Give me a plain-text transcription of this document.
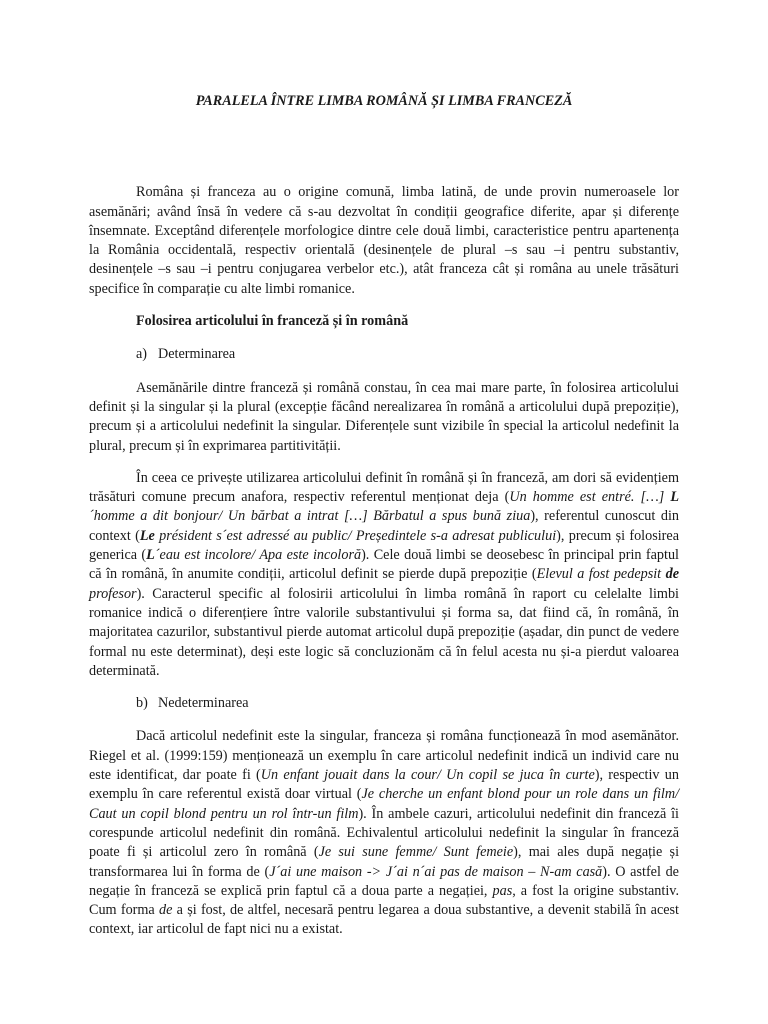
PARALELA ÎNTRE LIMBA ROMÂNĂ ȘI LIMBA FRANCEZĂ

Româna și franceza au o origine comună, limba latină, de unde provin numeroasele lor asemănări; având însă în vedere că s-au dezvoltat în condiții geografice diferite, apar și diferențe însemnate. Exceptând diferențele morfologice dintre cele două limbi, caracteristice pentru apartenența la România occidentală, respectiv orientală (desinențele de plural –s sau –i pentru substantiv, desinențele –s sau –i pentru conjugarea verbelor etc.), atât franceza cât și româna au unele trăsături specifice în comparație cu alte limbi romanice.

Folosirea articolului în franceză și în română

a) Determinarea

Asemănările dintre franceză și română constau, în cea mai mare parte, în folosirea articolului definit și la singular și la plural (excepție făcând nerealizarea în română a articolului după prepoziție), precum și a articolului nedefinit la singular. Diferențele sunt vizibile în special la articolul nedefinit la plural, precum și în exprimarea partitivității.

În ceea ce privește utilizarea articolului definit în română și în franceză, am dori să evidențiem trăsături comune precum anafora, respectiv referentul menționat deja (Un homme est entré. […] L´homme a dit bonjour/ Un bărbat a intrat […] Bărbatul a spus bună ziua), referentul cunoscut din context (Le président s´est adressé au public/ Președintele s-a adresat publicului), precum și folosirea generica (L´eau est incolore/ Apa este incoloră). Cele două limbi se deosebesc în principal prin faptul că în română, în anumite condiții, articolul definit se pierde după prepoziție (Elevul a fost pedepsit de profesor). Caracterul specific al folosirii articolului în limba română în raport cu celelalte limbi romanice indică o diferențiere între valorile substantivului și forma sa, dat fiind că, în română, în majoritatea cazurilor, substantivul pierde automat articolul după prepoziție (așadar, din punct de vedere formal nu este determinat), deși este logic să concluzionăm că în felul acesta nu și-a pierdut valoarea determinată.

b) Nedeterminarea

Dacă articolul nedefinit este la singular, franceza și româna funcționează în mod asemănător. Riegel et al. (1999:159) menționează un exemplu în care articolul nedefinit indică un individ care nu este identificat, dar poate fi (Un enfant jouait dans la cour/ Un copil se juca în curte), respectiv un exemplu în care referentul există doar virtual (Je cherche un enfant blond pour un role dans un film/ Caut un copil blond pentru un rol într-un film). În ambele cazuri, articolului nedefinit din franceză îi corespunde articolul nedefinit din română. Echivalentul articolului nedefinit la singular în franceză poate fi și articolul zero în română (Je sui sune femme/ Sunt femeie), mai ales după negație și transformarea lui în forma de (J´ai une maison -> J´ai n´ai pas de maison – N-am casă). O astfel de negație în franceză se explică prin faptul că a doua parte a negației, pas, a fost la origine substantiv. Cum forma de a și fost, de altfel, necesară pentru legarea a doua substantive, a devenit stabilă în acest context, iar articolul de fapt nici nu a existat.
